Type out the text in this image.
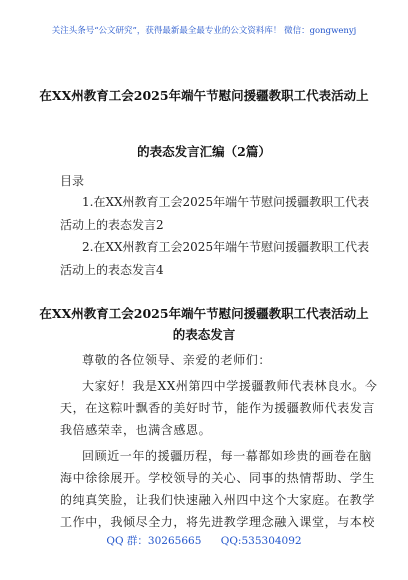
关注头条号“公文研究”，获得最新最全最专业的公文资料库！ 微信：gongwenyj
在XX州教育工会2025年端午节慰问援疆教职工代表活动上
的表态发言汇编（2篇）
目录
1.在XX州教育工会2025年端午节慰问援疆教职工代表
活动上的表态发言2
2.在XX州教育工会2025年端午节慰问援疆教职工代表
活动上的表态发言4
在XX州教育工会2025年端午节慰问援疆教职工代表活动上
的表态发言
尊敬的各位领导、亲爱的老师们：
大家好！我是XX州第四中学援疆教师代表林良水。今
天，在这粽叶飘香的美好时节，能作为援疆教师代表发言
我倍感荣幸，也满含感恩。
回顾近一年的援疆历程，每一幕都如珍贵的画卷在脑
海中徐徐展开。学校领导的关心、同事的热情帮助、学生
的纯真笑脸，让我们快速融入州四中这个大家庭。在教学
工作中，我倾尽全力，将先进教学理念融入课堂，与本校
QQ 群：30265665 QQ:535304092
